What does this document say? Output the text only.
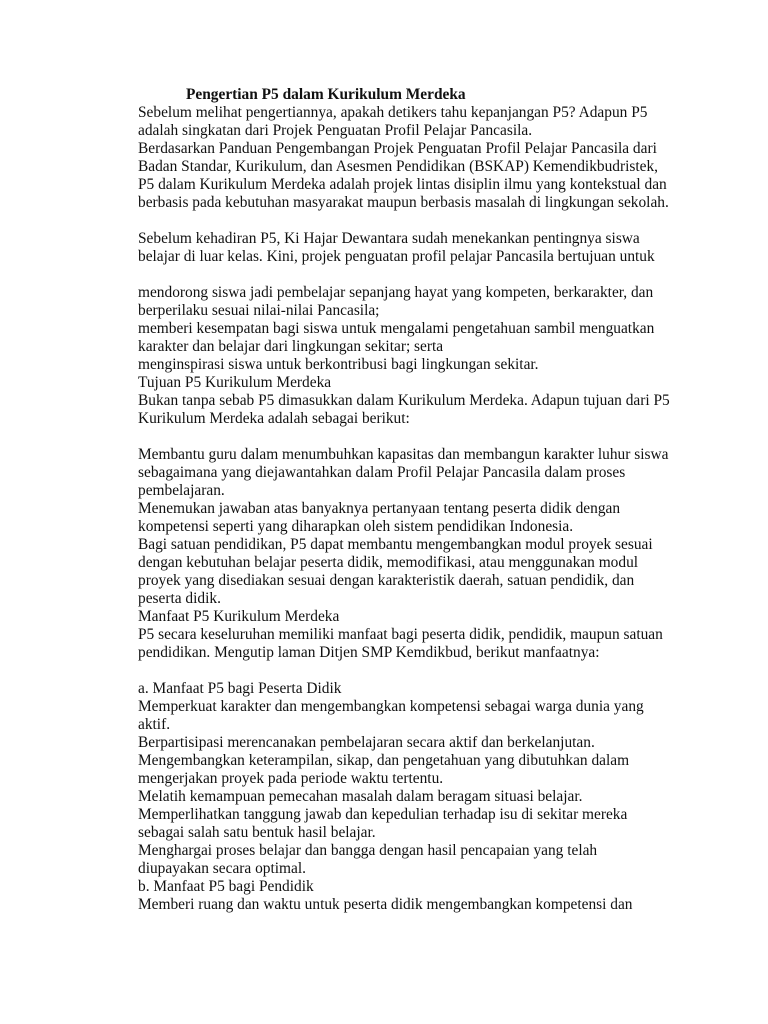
Pengertian P5 dalam Kurikulum Merdeka
Sebelum melihat pengertiannya, apakah detikers tahu kepanjangan P5? Adapun P5
adalah singkatan dari Projek Penguatan Profil Pelajar Pancasila.
Berdasarkan Panduan Pengembangan Projek Penguatan Profil Pelajar Pancasila dari
Badan Standar, Kurikulum, dan Asesmen Pendidikan (BSKAP) Kemendikbudristek,
P5 dalam Kurikulum Merdeka adalah projek lintas disiplin ilmu yang kontekstual dan
berbasis pada kebutuhan masyarakat maupun berbasis masalah di lingkungan sekolah.
Sebelum kehadiran P5, Ki Hajar Dewantara sudah menekankan pentingnya siswa
belajar di luar kelas. Kini, projek penguatan profil pelajar Pancasila bertujuan untuk
mendorong siswa jadi pembelajar sepanjang hayat yang kompeten, berkarakter, dan
berperilaku sesuai nilai-nilai Pancasila;
memberi kesempatan bagi siswa untuk mengalami pengetahuan sambil menguatkan
karakter dan belajar dari lingkungan sekitar; serta
menginspirasi siswa untuk berkontribusi bagi lingkungan sekitar.
Tujuan P5 Kurikulum Merdeka
Bukan tanpa sebab P5 dimasukkan dalam Kurikulum Merdeka. Adapun tujuan dari P5
Kurikulum Merdeka adalah sebagai berikut:
Membantu guru dalam menumbuhkan kapasitas dan membangun karakter luhur siswa
sebagaimana yang diejawantahkan dalam Profil Pelajar Pancasila dalam proses
pembelajaran.
Menemukan jawaban atas banyaknya pertanyaan tentang peserta didik dengan
kompetensi seperti yang diharapkan oleh sistem pendidikan Indonesia.
Bagi satuan pendidikan, P5 dapat membantu mengembangkan modul proyek sesuai
dengan kebutuhan belajar peserta didik, memodifikasi, atau menggunakan modul
proyek yang disediakan sesuai dengan karakteristik daerah, satuan pendidik, dan
peserta didik.
Manfaat P5 Kurikulum Merdeka
P5 secara keseluruhan memiliki manfaat bagi peserta didik, pendidik, maupun satuan
pendidikan. Mengutip laman Ditjen SMP Kemdikbud, berikut manfaatnya:
a. Manfaat P5 bagi Peserta Didik
Memperkuat karakter dan mengembangkan kompetensi sebagai warga dunia yang
aktif.
Berpartisipasi merencanakan pembelajaran secara aktif dan berkelanjutan.
Mengembangkan keterampilan, sikap, dan pengetahuan yang dibutuhkan dalam
mengerjakan proyek pada periode waktu tertentu.
Melatih kemampuan pemecahan masalah dalam beragam situasi belajar.
Memperlihatkan tanggung jawab dan kepedulian terhadap isu di sekitar mereka
sebagai salah satu bentuk hasil belajar.
Menghargai proses belajar dan bangga dengan hasil pencapaian yang telah
diupayakan secara optimal.
b. Manfaat P5 bagi Pendidik
Memberi ruang dan waktu untuk peserta didik mengembangkan kompetensi dan
